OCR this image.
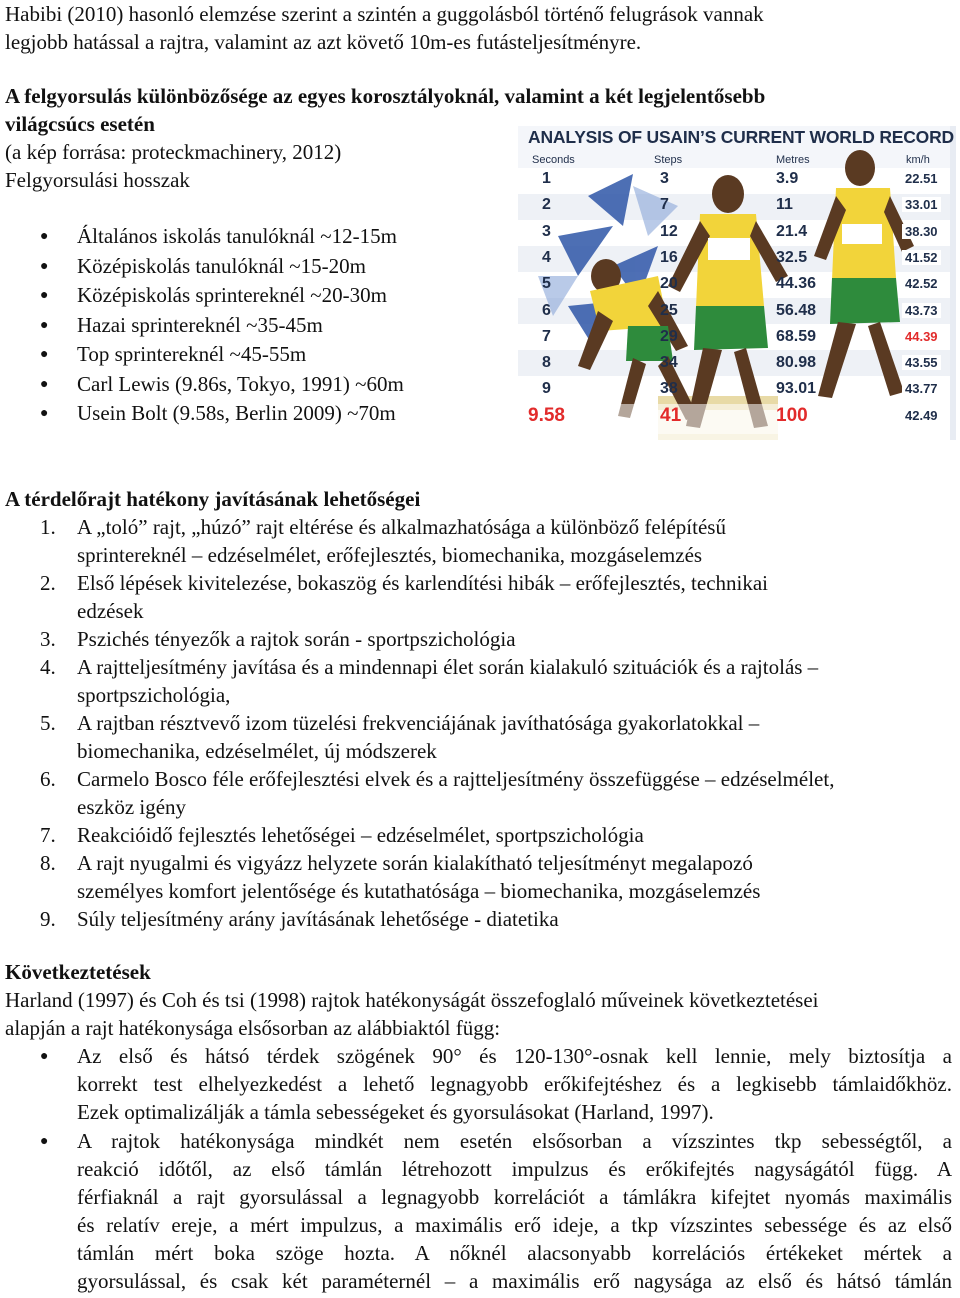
Habibi (2010) hasonló elemzése szerint a szintén a guggolásból történő felugrások vannak
legjobb hatással a rajtra, valamint az azt követő 10m-es futásteljesítményre.
A felgyorsulás különbözősége az egyes korosztályoknál, valamint a két legjelentősebb
világcsúcs esetén
(a kép forrása: proteckmachinery, 2012)
Felgyorsulási hosszak
● Általános iskolás tanulóknál ~12-15m
● Középiskolás tanulóknál ~15-20m
● Középiskolás sprintereknél ~20-30m
● Hazai sprintereknél ~35-45m
● Top sprintereknél ~45-55m
● Carl Lewis (9.86s, Tokyo, 1991) ~60m
● Usein Bolt (9.58s, Berlin 2009) ~70m
ANALYSIS OF USAIN’S CURRENT WORLD RECORD
Seconds	Steps	Metres	km/h
1	3	3.9	22.51
2	7	11	33.01
3	12	21.4	38.30
4	16	32.5	41.52
5	20	44.36	42.52
6	25	56.48	43.73
7	29	68.59	44.39
8	34	80.98	43.55
9	38	93.01	43.77
9.58	41	100	42.49
A térdelőrajt hatékony javításának lehetőségei
1. A „toló” rajt, „húzó” rajt eltérése és alkalmazhatósága a különböző felépítésű
sprintereknél – edzéselmélet, erőfejlesztés, biomechanika, mozgáselemzés
2. Első lépések kivitelezése, bokaszög és karlendítési hibák – erőfejlesztés, technikai
edzések
3. Pszichés tényezők a rajtok során - sportpszichológia
4. A rajtteljesítmény javítása és a mindennapi élet során kialakuló szituációk és a rajtolás –
sportpszichológia,
5. A rajtban résztvevő izom tüzelési frekvenciájának javíthatósága gyakorlatokkal –
biomechanika, edzéselmélet, új módszerek
6. Carmelo Bosco féle erőfejlesztési elvek és a rajtteljesítmény összefüggése – edzéselmélet,
eszköz igény
7. Reakcióidő fejlesztés lehetőségei – edzéselmélet, sportpszichológia
8. A rajt nyugalmi és vigyázz helyzete során kialakítható teljesítményt megalapozó
személyes komfort jelentősége és kutathatósága – biomechanika, mozgáselemzés
9. Súly teljesítmény arány javításának lehetősége - diatetika
Következtetések
Harland (1997) és Coh és tsi (1998) rajtok hatékonyságát összefoglaló műveinek következtetései
alapján a rajt hatékonysága elsősorban az alábbiaktól függ:
● Az első és hátsó térdek szögének 90° és 120-130°-osnak kell lennie, mely biztosítja a
korrekt test elhelyezkedést a lehető legnagyobb erőkifejtéshez és a legkisebb támlaidőkhöz.
Ezek optimalizálják a támla sebességeket és gyorsulásokat (Harland, 1997).
● A rajtok hatékonysága mindkét nem esetén elsősorban a vízszintes tkp sebességtől, a
reakció időtől, az első támlán létrehozott impulzus és erőkifejtés nagyságától függ. A
férfiaknál a rajt gyorsulással a legnagyobb korrelációt a támlákra kifejtet nyomás maximális
és relatív ereje, a mért impulzus, a maximális erő ideje, a tkp vízszintes sebessége és az első
támlán mért boka szöge hozta. A nőknél alacsonyabb korrelációs értékeket mértek a
gyorsulással, és csak két paraméternél – a maximális erő nagysága az első és hátsó támlán
